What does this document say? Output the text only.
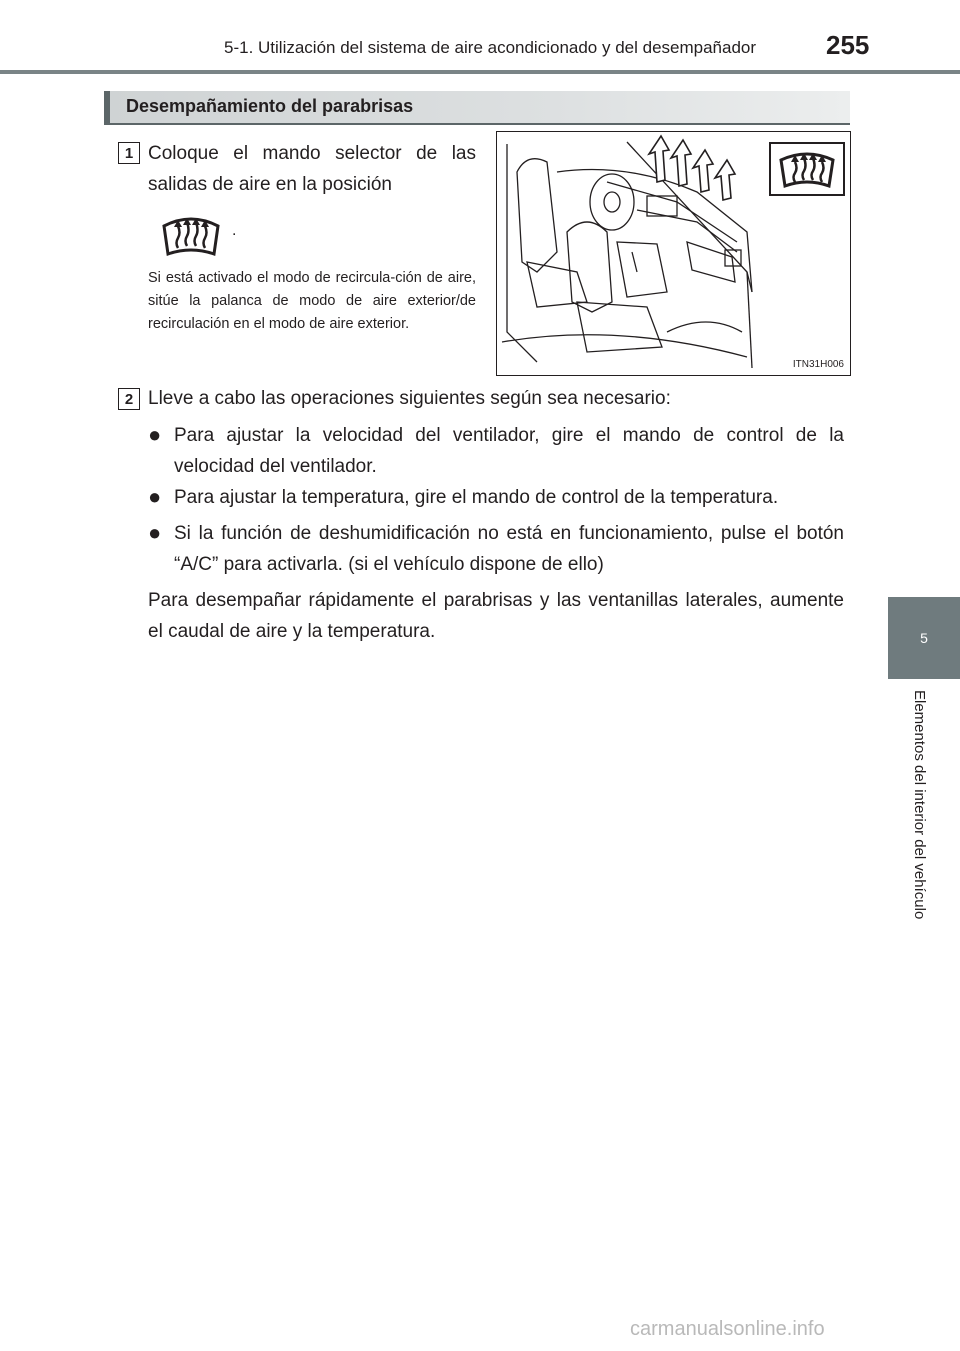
5-1. Utilización del sistema de aire acondicionado y del desempañador	255
5
Elementos del interior del vehículo
Desempañamiento del parabrisas
1 Coloque el mando selector de las salidas de aire en la posición
.
Si está activado el modo de recircula-ción de aire, sitúe la palanca de modo de aire exterior/de recirculación en el modo de aire exterior.
ITN31H006
2 Lleve a cabo las operaciones siguientes según sea necesario:
● Para ajustar la velocidad del ventilador, gire el mando de control de la velocidad del ventilador.
● Para ajustar la temperatura, gire el mando de control de la temperatura.
● Si la función de deshumidificación no está en funcionamiento, pulse el botón “A/C” para activarla. (si el vehículo dispone de ello)
Para desempañar rápidamente el parabrisas y las ventanillas laterales, aumente el caudal de aire y la temperatura.
carmanualsonline.info
